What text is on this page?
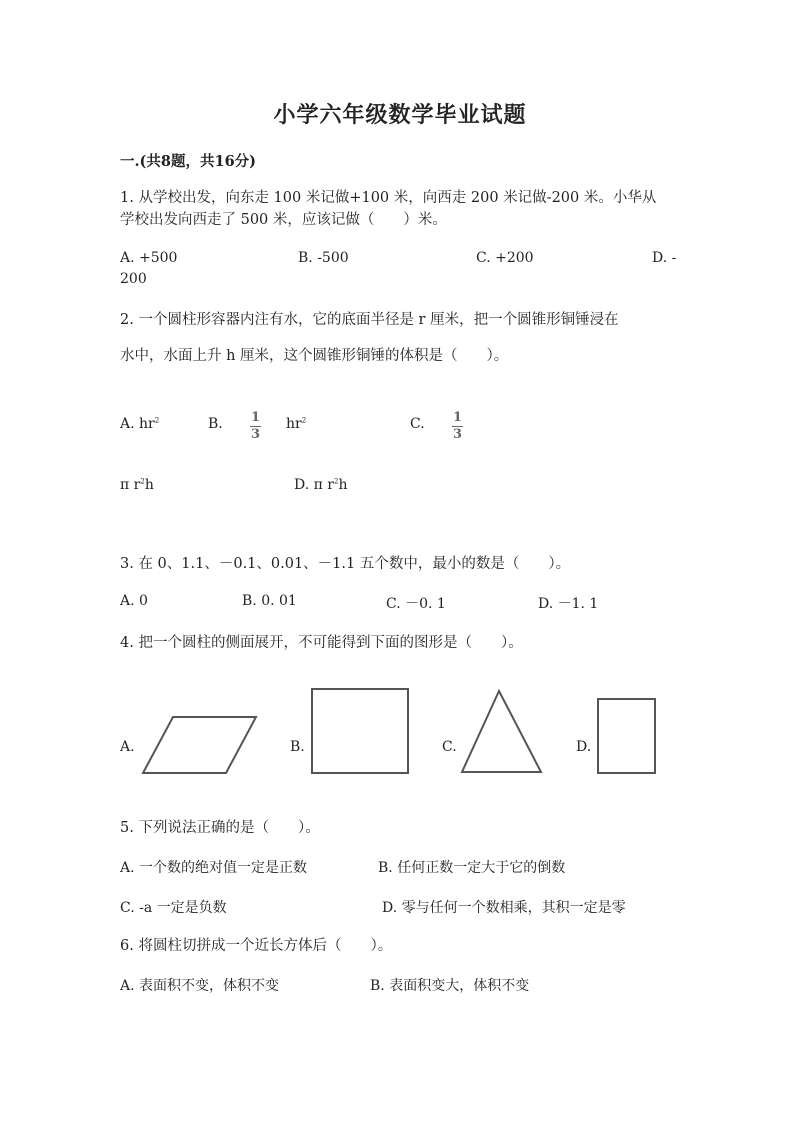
小学六年级数学毕业试题
一.(共8题，共16分)
1. 从学校出发，向东走 100 米记做+100 米，向西走 200 米记做-200 米。小华从
学校出发向西走了 500 米，应该记做（　　）米。
A. +500	B. -500	C. +200	D. -
200
2. 一个圆柱形容器内注有水，它的底面半径是 r 厘米，把一个圆锥形铜锤浸在
水中，水面上升 h 厘米，这个圆锥形铜锤的体积是（　　）。
A. $hr^2$	B. 1
3
$hr^2$	C. 1
3
π $r^2h$	D. π $r^2h$
3. 在 0、1.1、－0.1、0.01、－1.1 五个数中，最小的数是（　　）。
A. 0	B. 0. 01	C. －0. 1	D. －1. 1
4. 把一个圆柱的侧面展开，不可能得到下面的图形是（　　）。
A.	B.	C.	D.
5. 下列说法正确的是（　　）。
A. 一个数的绝对值一定是正数	B. 任何正数一定大于它的倒数
C. -a 一定是负数	D. 零与任何一个数相乘，其积一定是零
6. 将圆柱切拼成一个近长方体后（　　）。
A. 表面积不变，体积不变	B. 表面积变大，体积不变
